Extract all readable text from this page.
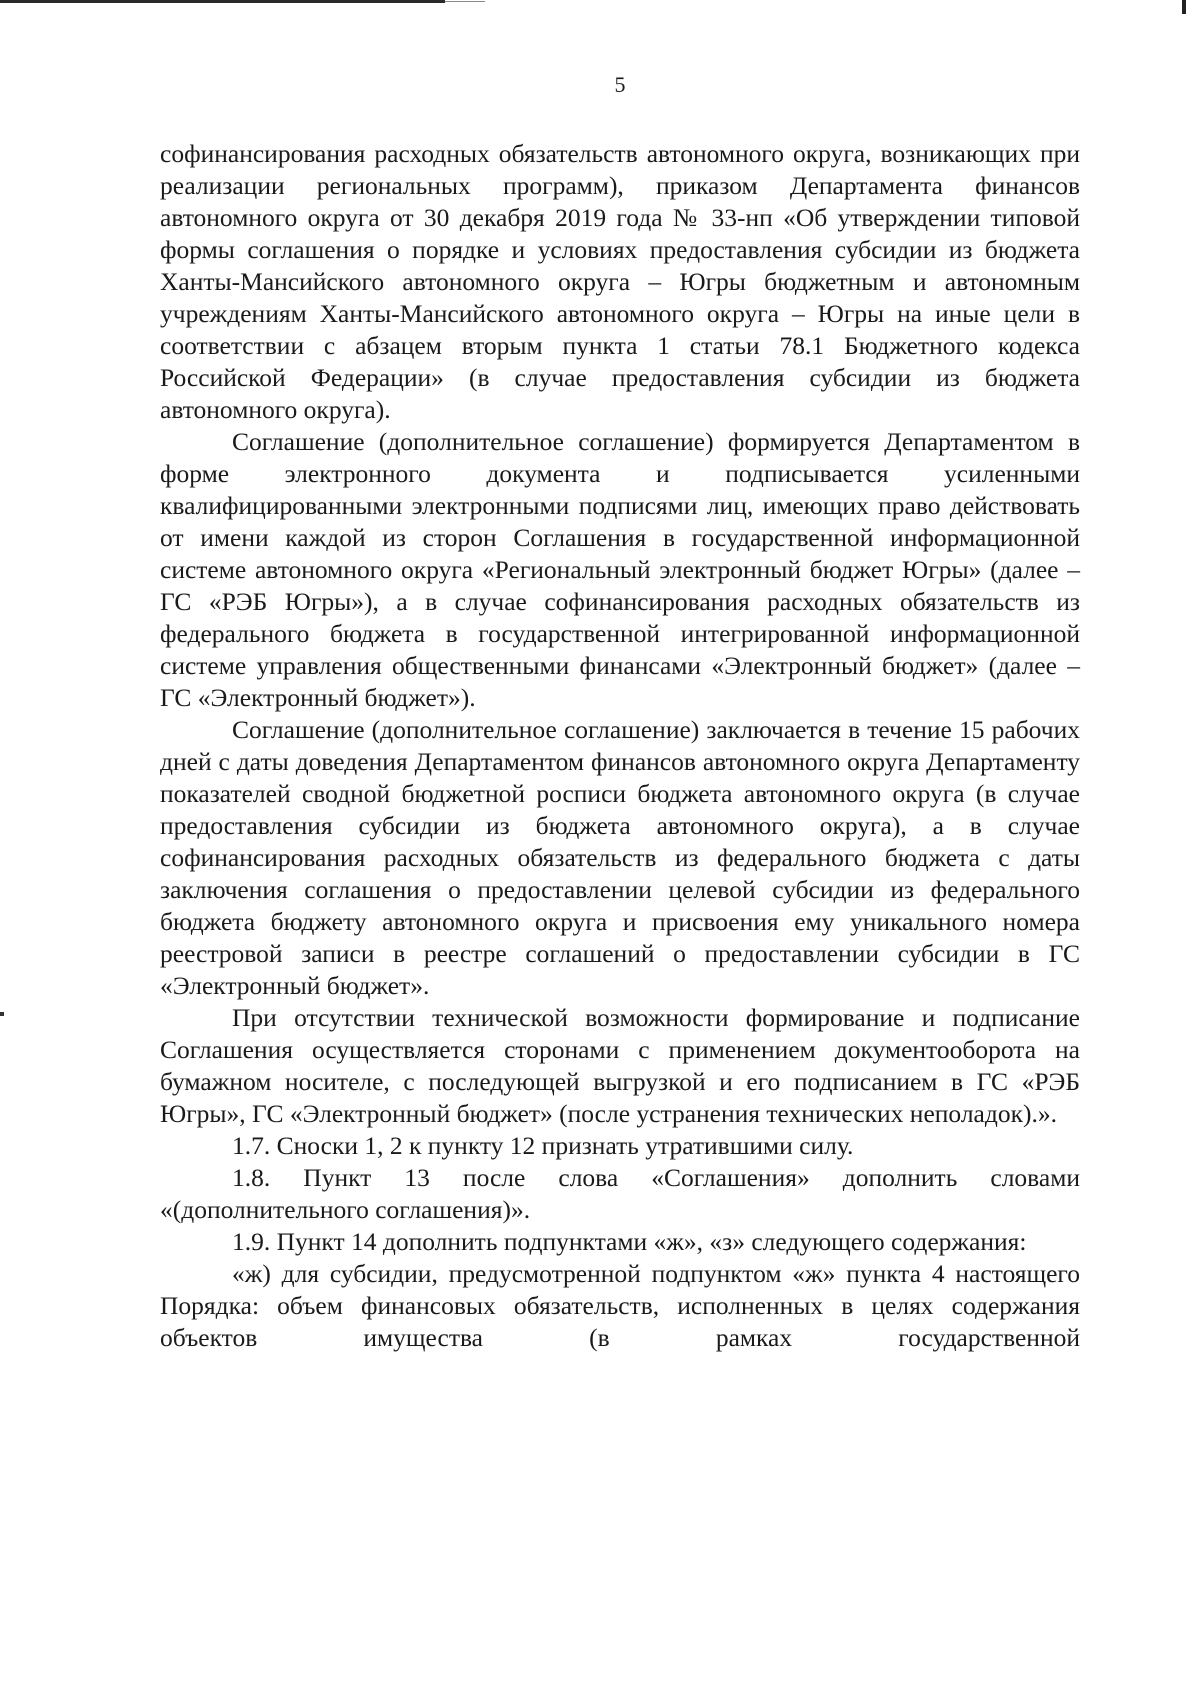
5

софинансирования расходных обязательств автономного округа, возникающих при реализации региональных программ), приказом Департамента финансов автономного округа от 30 декабря 2019 года № 33-нп «Об утверждении типовой формы соглашения о порядке и условиях предоставления субсидии из бюджета Ханты-Мансийского автономного округа – Югры бюджетным и автономным учреждениям Ханты-Мансийского автономного округа – Югры на иные цели в соответствии с абзацем вторым пункта 1 статьи 78.1 Бюджетного кодекса Российской Федерации» (в случае предоставления субсидии из бюджета автономного округа).

Соглашение (дополнительное соглашение) формируется Департаментом в форме электронного документа и подписывается усиленными квалифицированными электронными подписями лиц, имеющих право действовать от имени каждой из сторон Соглашения в государственной информационной системе автономного округа «Региональный электронный бюджет Югры» (далее – ГС «РЭБ Югры»), а в случае софинансирования расходных обязательств из федерального бюджета в государственной интегрированной информационной системе управления общественными финансами «Электронный бюджет» (далее – ГС «Электронный бюджет»).

Соглашение (дополнительное соглашение) заключается в течение 15 рабочих дней с даты доведения Департаментом финансов автономного округа Департаменту показателей сводной бюджетной росписи бюджета автономного округа (в случае предоставления субсидии из бюджета автономного округа), а в случае софинансирования расходных обязательств из федерального бюджета с даты заключения соглашения о предоставлении целевой субсидии из федерального бюджета бюджету автономного округа и присвоения ему уникального номера реестровой записи в реестре соглашений о предоставлении субсидии в ГС «Электронный бюджет».

При отсутствии технической возможности формирование и подписание Соглашения осуществляется сторонами с применением документооборота на бумажном носителе, с последующей выгрузкой и его подписанием в ГС «РЭБ Югры», ГС «Электронный бюджет» (после устранения технических неполадок).».

1.7. Сноски 1, 2 к пункту 12 признать утратившими силу.

1.8. Пункт 13 после слова «Соглашения» дополнить словами «(дополнительного соглашения)».

1.9. Пункт 14 дополнить подпунктами «ж», «з» следующего содержания:

«ж) для субсидии, предусмотренной подпунктом «ж» пункта 4 настоящего Порядка: объем финансовых обязательств, исполненных в целях содержания объектов имущества (в рамках государственной
